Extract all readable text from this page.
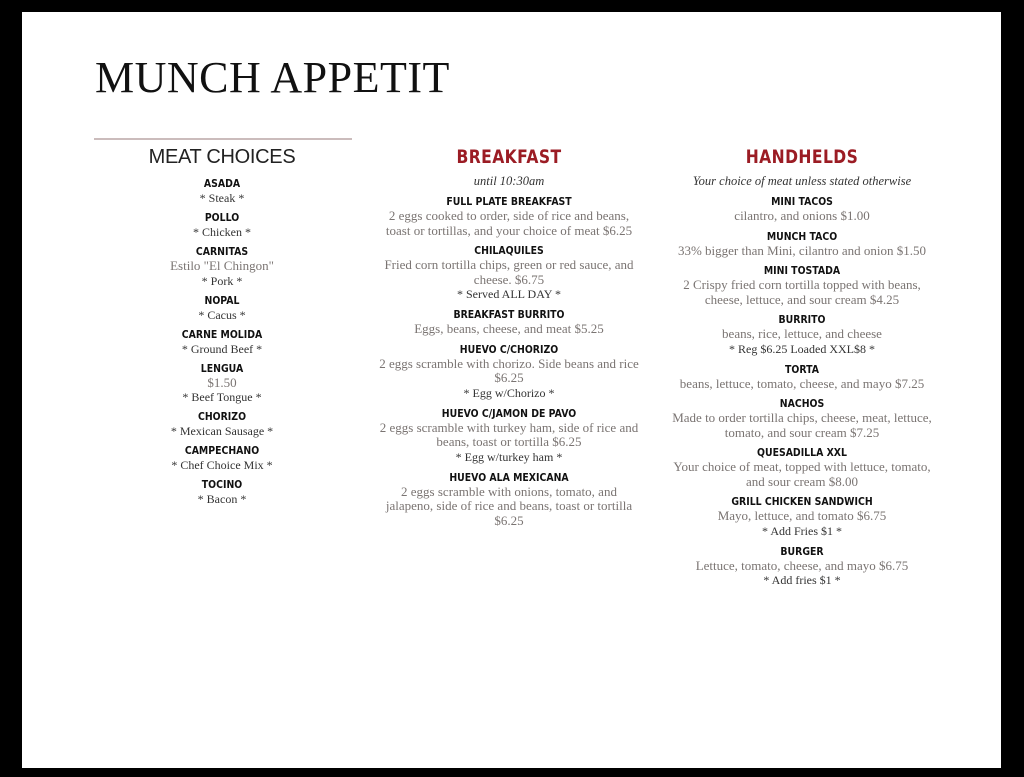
MUNCH APPETIT
MEAT CHOICES
ASADA
* Steak *
POLLO
* Chicken *
CARNITAS
Estilo "El Chingon"
* Pork *
NOPAL
* Cacus *
CARNE MOLIDA
* Ground Beef *
LENGUA
$1.50
* Beef Tongue *
CHORIZO
* Mexican Sausage *
CAMPECHANO
* Chef Choice Mix *
TOCINO
* Bacon *
BREAKFAST
until 10:30am
FULL PLATE BREAKFAST
2 eggs cooked to order, side of rice and beans, toast or tortillas, and your choice of meat $6.25
CHILAQUILES
Fried corn tortilla chips, green or red sauce, and cheese. $6.75
* Served ALL DAY *
BREAKFAST BURRITO
Eggs, beans, cheese, and meat $5.25
HUEVO C/CHORIZO
2 eggs scramble with chorizo. Side beans and rice $6.25
* Egg w/Chorizo *
HUEVO C/JAMON DE PAVO
2 eggs scramble with turkey ham, side of rice and beans, toast or tortilla $6.25
* Egg w/turkey ham *
HUEVO ALA MEXICANA
2 eggs scramble with onions, tomato, and jalapeno, side of rice and beans, toast or tortilla $6.25
HANDHELDS
Your choice of meat unless stated otherwise
MINI TACOS
cilantro, and onions $1.00
MUNCH TACO
33% bigger than Mini, cilantro and onion $1.50
MINI TOSTADA
2 Crispy fried corn tortilla topped with beans, cheese, lettuce, and sour cream $4.25
BURRITO
beans, rice, lettuce, and cheese
* Reg $6.25 Loaded XXL$8 *
TORTA
beans, lettuce, tomato, cheese, and mayo $7.25
NACHOS
Made to order tortilla chips, cheese, meat, lettuce, tomato, and sour cream $7.25
QUESADILLA XXL
Your choice of meat, topped with lettuce, tomato, and sour cream $8.00
GRILL CHICKEN SANDWICH
Mayo, lettuce, and tomato $6.75
* Add Fries $1 *
BURGER
Lettuce, tomato, cheese, and mayo $6.75
* Add fries $1 *
